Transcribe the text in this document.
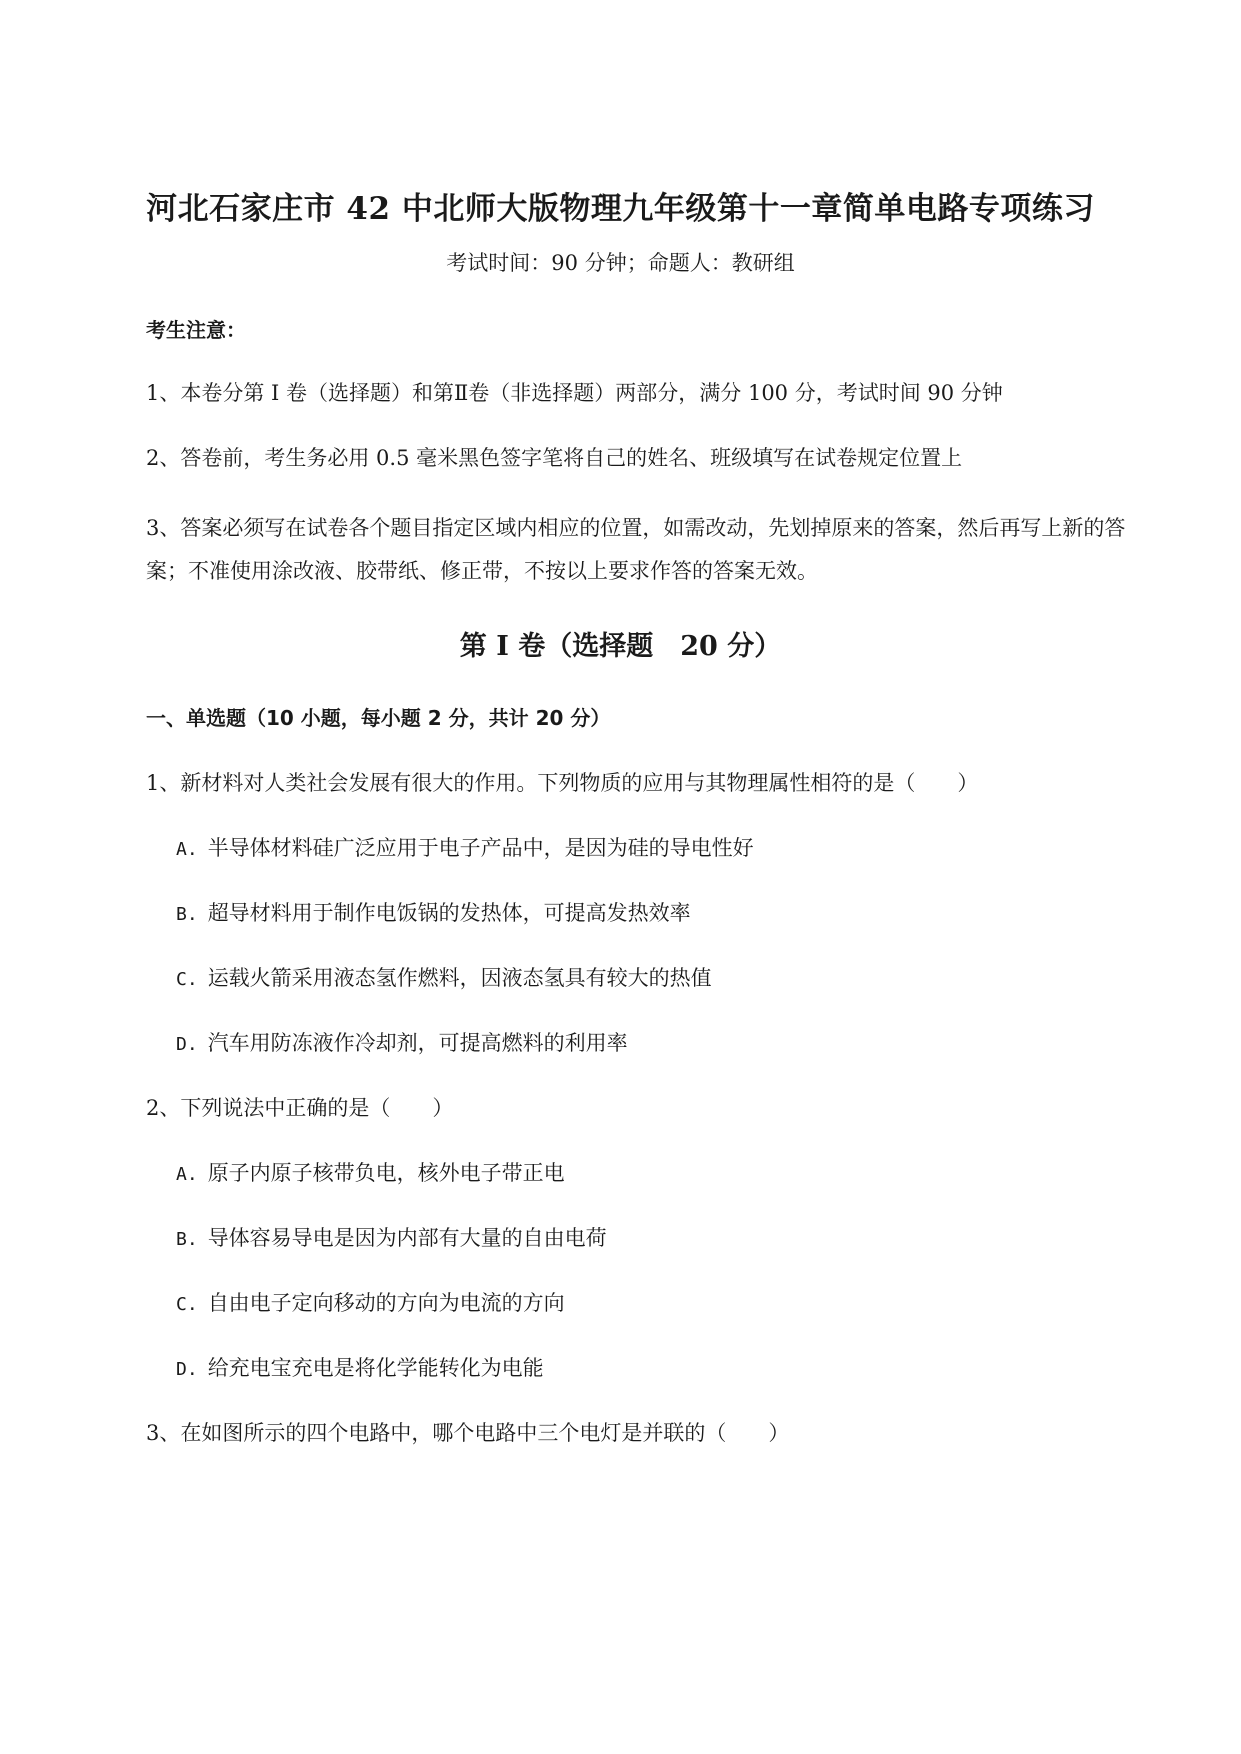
河北石家庄市 42 中北师大版物理九年级第十一章简单电路专项练习
考试时间：90 分钟；命题人：教研组
考生注意：
1、本卷分第 I 卷（选择题）和第Ⅱ卷（非选择题）两部分，满分 100 分，考试时间 90 分钟
2、答卷前，考生务必用 0.5 毫米黑色签字笔将自己的姓名、班级填写在试卷规定位置上
3、答案必须写在试卷各个题目指定区域内相应的位置，如需改动，先划掉原来的答案，然后再写上新的答案；不准使用涂改液、胶带纸、修正带，不按以上要求作答的答案无效。
第 I 卷（选择题　20 分）
一、单选题（10 小题，每小题 2 分，共计 20 分）
1、新材料对人类社会发展有很大的作用。下列物质的应用与其物理属性相符的是（　　）
A. 半导体材料硅广泛应用于电子产品中，是因为硅的导电性好
B. 超导材料用于制作电饭锅的发热体，可提高发热效率
C. 运载火箭采用液态氢作燃料，因液态氢具有较大的热值
D. 汽车用防冻液作冷却剂，可提高燃料的利用率
2、下列说法中正确的是（　　）
A. 原子内原子核带负电，核外电子带正电
B. 导体容易导电是因为内部有大量的自由电荷
C. 自由电子定向移动的方向为电流的方向
D. 给充电宝充电是将化学能转化为电能
3、在如图所示的四个电路中，哪个电路中三个电灯是并联的（　　）
